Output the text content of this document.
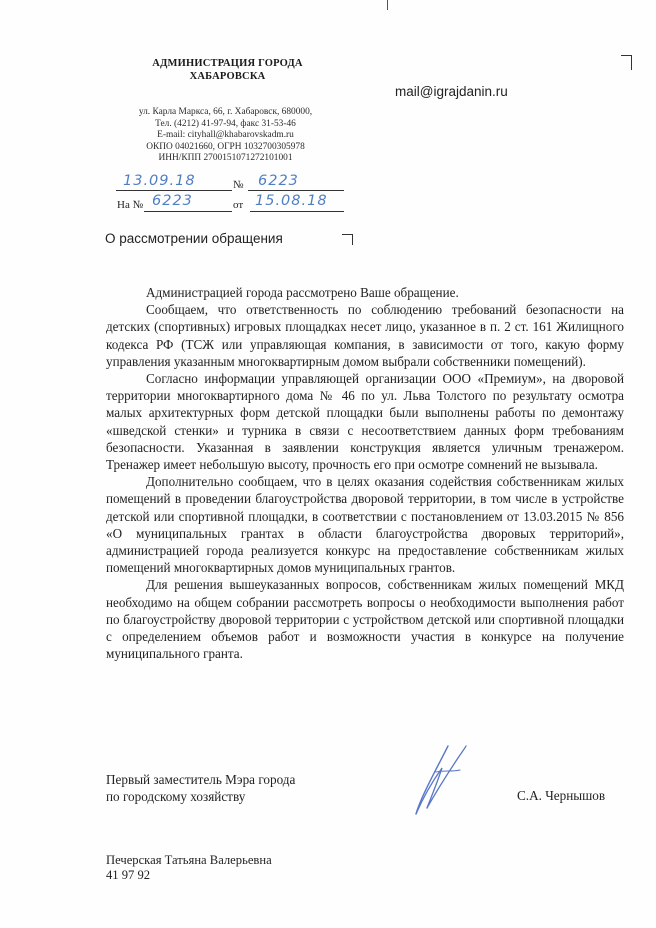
АДМИНИСТРАЦИЯ ГОРОДА
ХАБАРОВСКА
ул. Карла Маркса, 66, г. Хабаровск, 680000,
Тел. (4212) 41-97-94, факс 31-53-46
E-mail: cityhall@khabarovskadm.ru
ОКПО 04021660, ОГРН 1032700305978
ИНН/КПП 2700151071272101001
mail@igrajdanin.ru
13.09.18	№ 6223
На № 6223	от 15.08.18
О рассмотрении обращения

Администрацией города рассмотрено Ваше обращение.

Сообщаем, что ответственность по соблюдению требований безопасности на детских (спортивных) игровых площадках несет лицо, указанное в п. 2 ст. 161 Жилищного кодекса РФ (ТСЖ или управляющая компания, в зависимости от того, какую форму управления указанным многоквартирным домом выбрали собственники помещений).

Согласно информации управляющей организации ООО «Премиум», на дворовой территории многоквартирного дома № 46 по ул. Льва Толстого по результату осмотра малых архитектурных форм детской площадки были выполнены работы по демонтажу «шведской стенки» и турника в связи с несоответствием данных форм требованиям безопасности. Указанная в заявлении конструкция является уличным тренажером. Тренажер имеет небольшую высоту, прочность его при осмотре сомнений не вызывала.

Дополнительно сообщаем, что в целях оказания содействия собственникам жилых помещений в проведении благоустройства дворовой территории, в том числе в устройстве детской или спортивной площадки, в соответствии с постановлением от 13.03.2015 № 856 «О муниципальных грантах в области благоустройства дворовых территорий», администрацией города реализуется конкурс на предоставление собственникам жилых помещений многоквартирных домов муниципальных грантов.

Для решения вышеуказанных вопросов, собственникам жилых помещений МКД необходимо на общем собрании рассмотреть вопросы о необходимости выполнения работ по благоустройству дворовой территории с устройством детской или спортивной площадки с определением объемов работ и возможности участия в конкурсе на получение муниципального гранта.

Первый заместитель Мэра города
по городскому хозяйству	С.А. Чернышов
Печерская Татьяна Валерьевна
41 97 92
